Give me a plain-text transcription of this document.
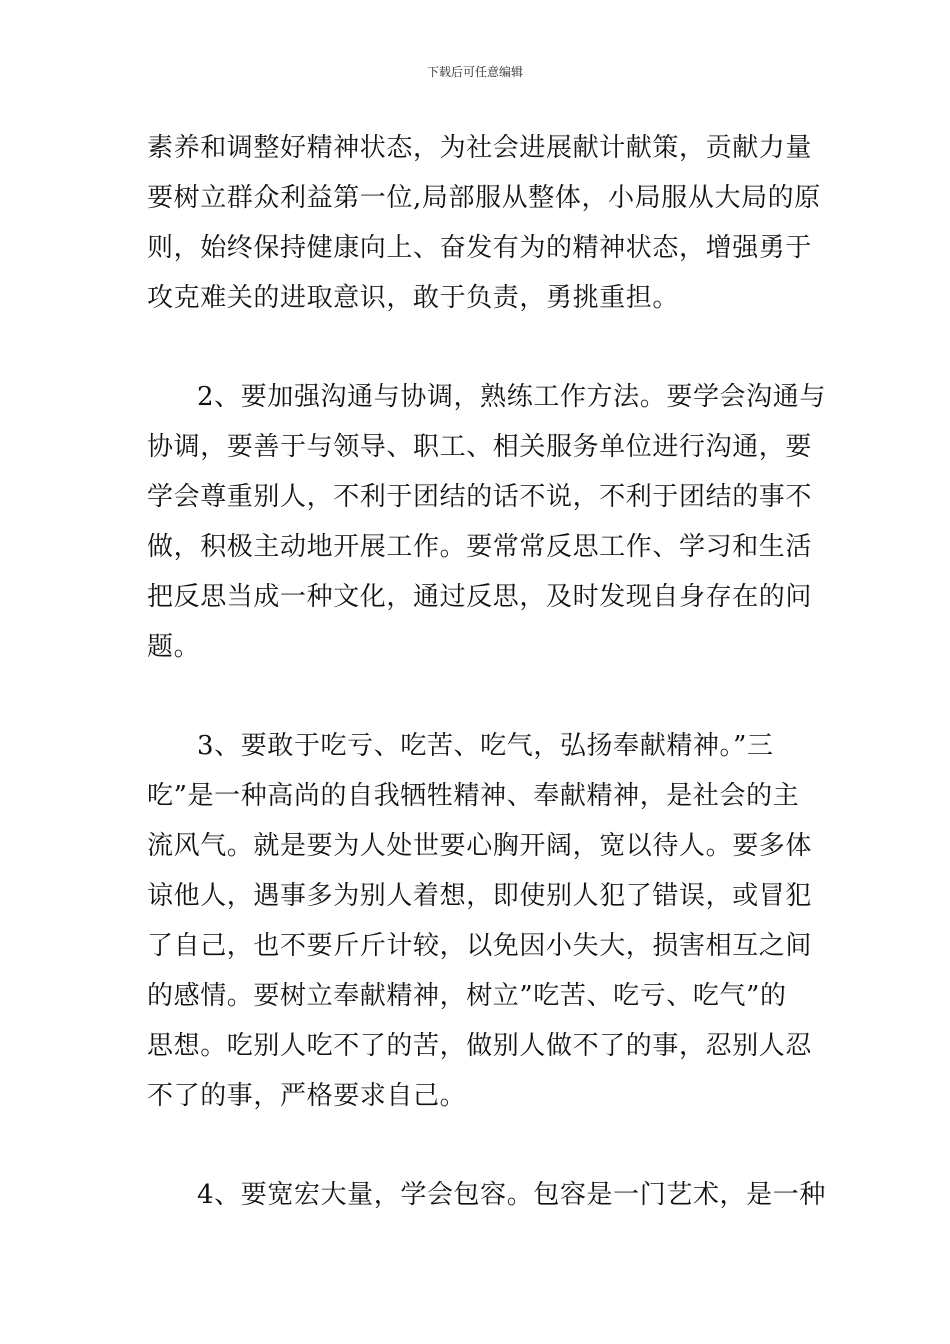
下载后可任意编辑
素养和调整好精神状态，为社会进展献计献策，贡献力量
要树立群众利益第一位,局部服从整体，小局服从大局的原
则，始终保持健康向上、奋发有为的精神状态，增强勇于
攻克难关的进取意识，敢于负责，勇挑重担。
2、要加强沟通与协调，熟练工作方法。要学会沟通与
协调，要善于与领导、职工、相关服务单位进行沟通，要
学会尊重别人，不利于团结的话不说，不利于团结的事不
做，积极主动地开展工作。要常常反思工作、学习和生活
把反思当成一种文化，通过反思，及时发现自身存在的问
题。
3、要敢于吃亏、吃苦、吃气，弘扬奉献精神。”三
吃”是一种高尚的自我牺牲精神、奉献精神，是社会的主
流风气。就是要为人处世要心胸开阔，宽以待人。要多体
谅他人，遇事多为别人着想，即使别人犯了错误，或冒犯
了自己，也不要斤斤计较，以免因小失大，损害相互之间
的感情。要树立奉献精神，树立”吃苦、吃亏、吃气”的
思想。吃别人吃不了的苦，做别人做不了的事，忍别人忍
不了的事，严格要求自己。
4、要宽宏大量，学会包容。包容是一门艺术，是一种
